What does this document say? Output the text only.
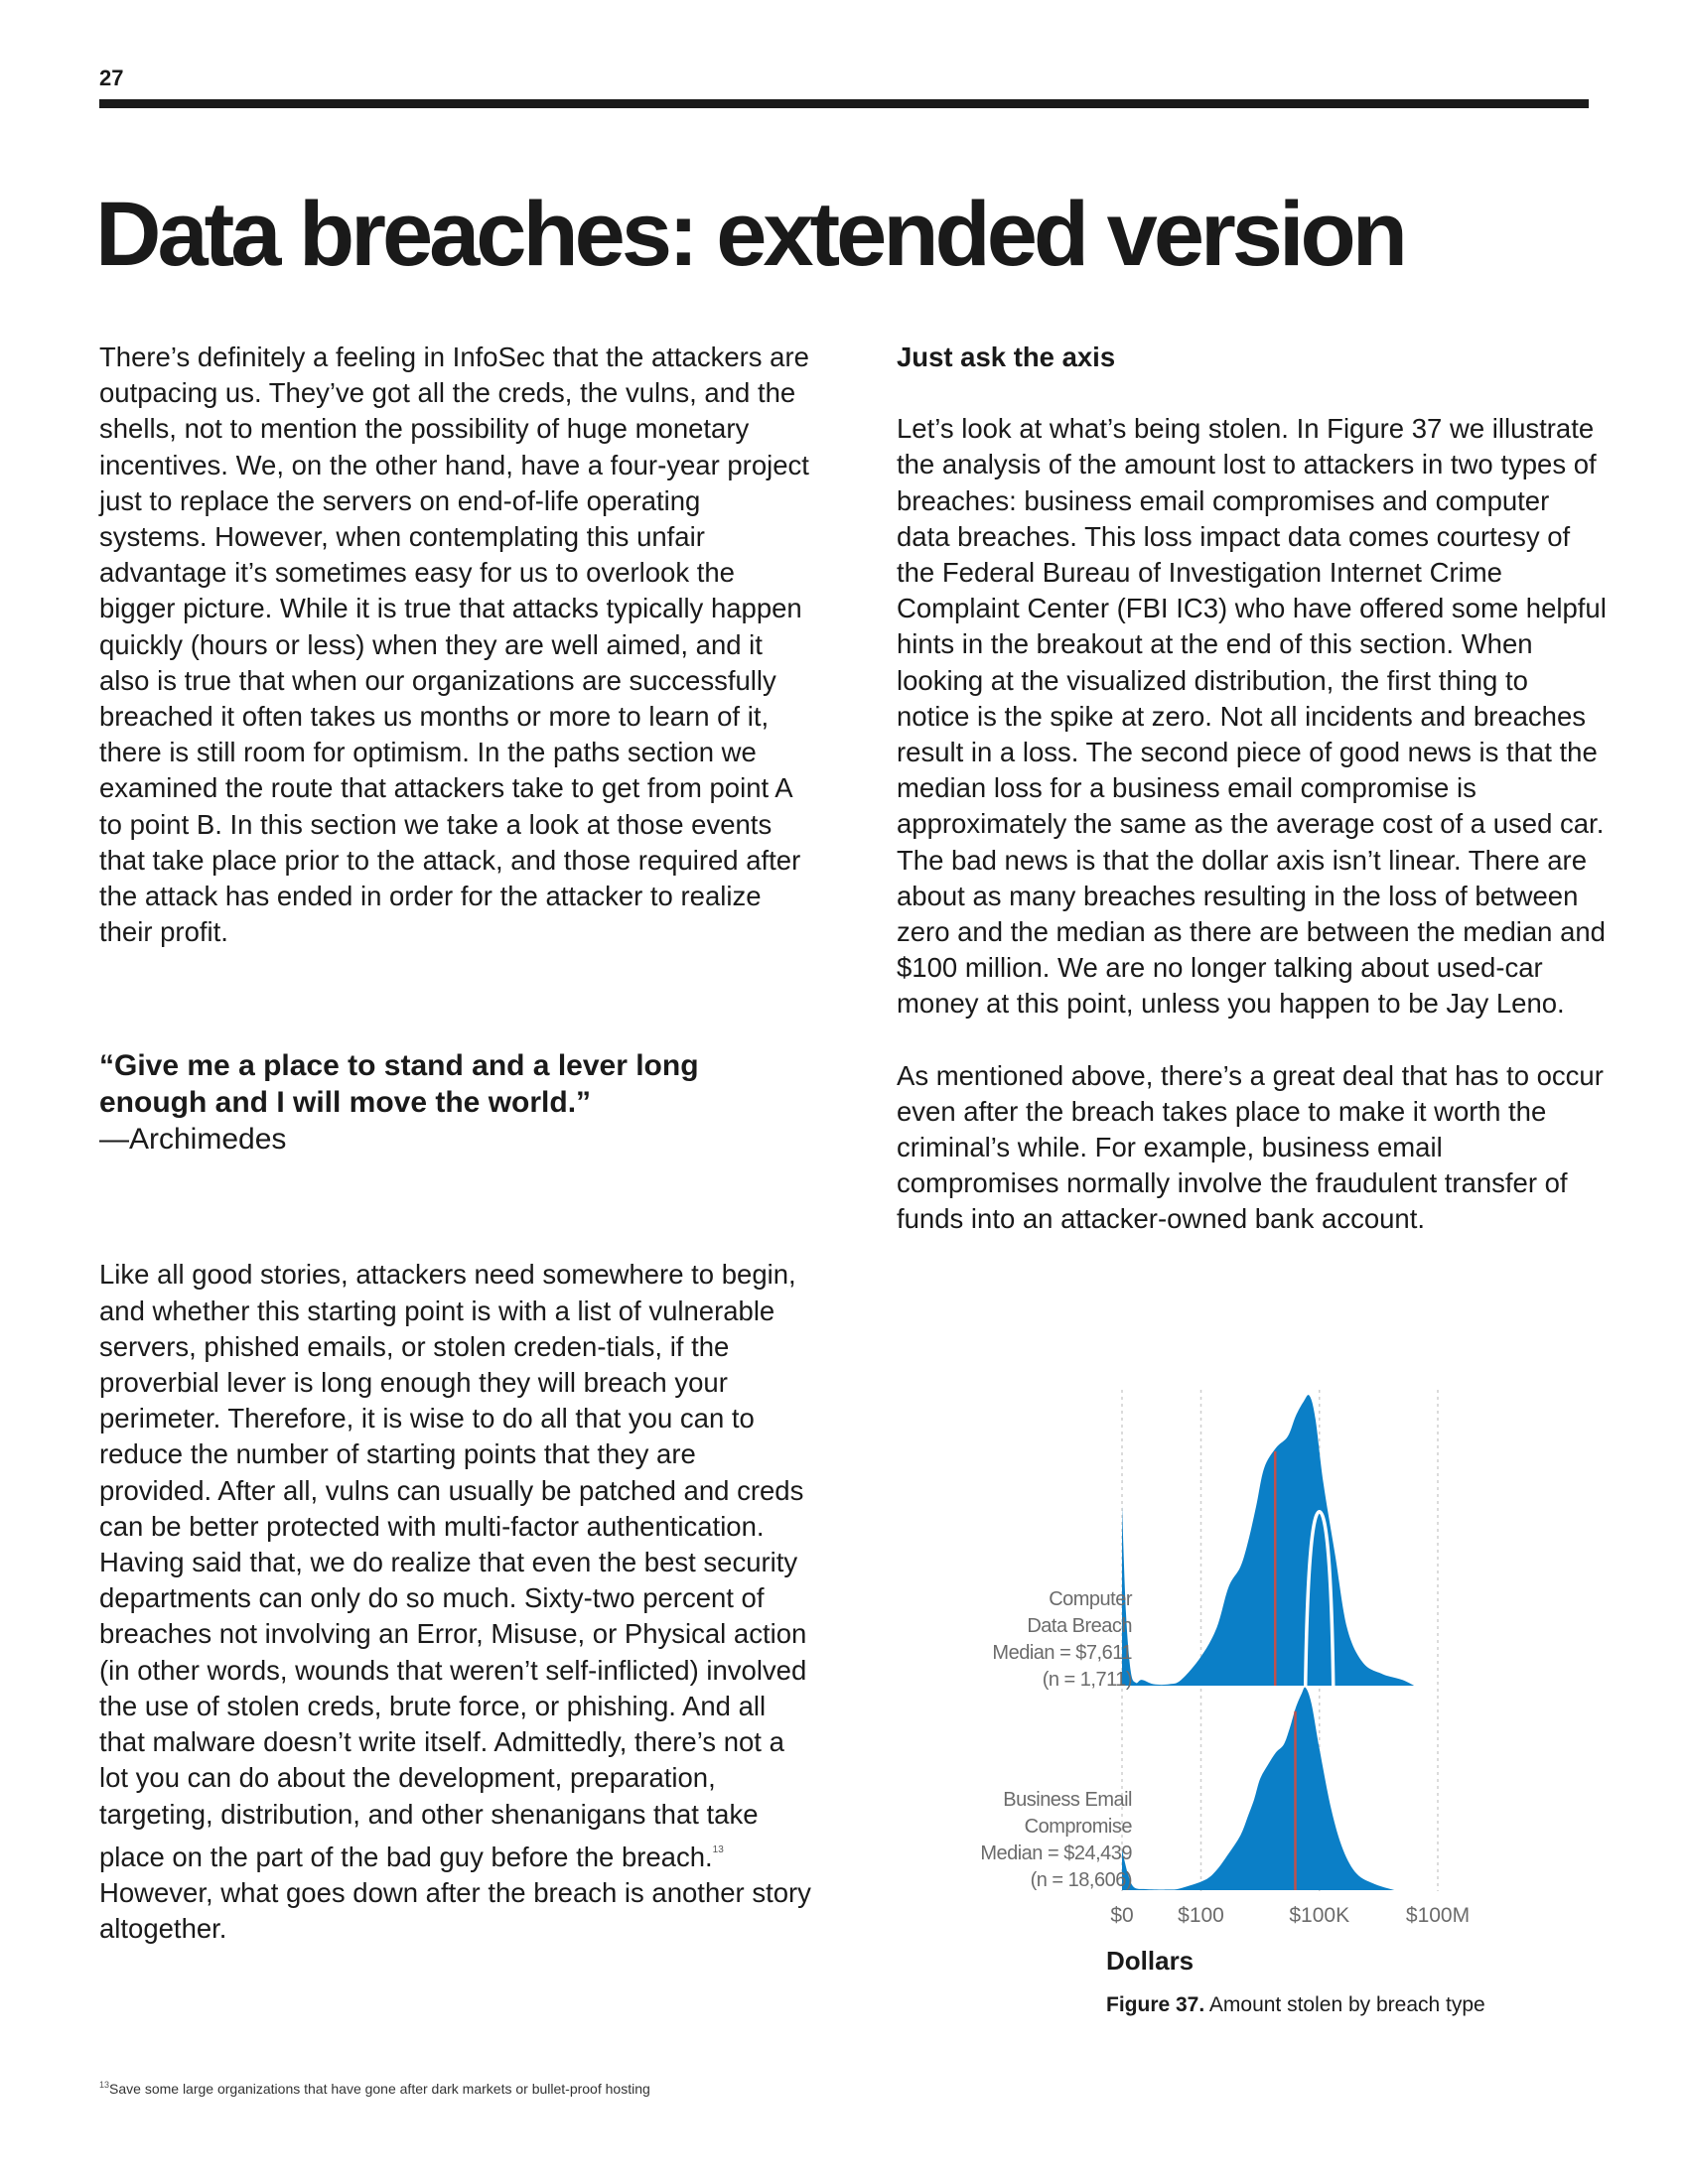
27
Data breaches: extended version

There’s definitely a feeling in InfoSec that the attackers are outpacing us. They’ve got all the creds, the vulns, and the shells, not to mention the possibility of huge monetary incentives. We, on the other hand, have a four-year project just to replace the servers on end-of-life operating systems. However, when contemplating this unfair advantage it’s sometimes easy for us to overlook the bigger picture. While it is true that attacks typically happen quickly (hours or less) when they are well aimed, and it also is true that when our organizations are successfully breached it often takes us months or more to learn of it, there is still room for optimism. In the paths section we examined the route that attackers take to get from point A to point B. In this section we take a look at those events that take place prior to the attack, and those required after the attack has ended in order for the attacker to realize their profit.

“Give me a place to stand and a lever long enough and I will move the world.”

—Archimedes

Like all good stories, attackers need somewhere to begin, and whether this starting point is with a list of vulnerable servers, phished emails, or stolen creden-tials, if the proverbial lever is long enough they will breach your perimeter. Therefore, it is wise to do all that you can to reduce the number of starting points that they are provided. After all, vulns can usually be patched and creds can be better protected with multi-factor authentication. Having said that, we do realize that even the best security departments can only do so much. Sixty-two percent of breaches not involving an Error, Misuse, or Physical action (in other words, wounds that weren’t self-inflicted) involved the use of stolen creds, brute force, or phishing. And all that malware doesn’t write itself. Admittedly, there’s not a lot you can do about the development, preparation, targeting, distribution, and other shenanigans that take place on the part of the bad guy before the breach.$^{13}$ However, what goes down after the breach is another story altogether.

Just ask the axis

Let’s look at what’s being stolen. In Figure 37 we illustrate the analysis of the amount lost to attackers in two types of breaches: business email compromises and computer data breaches. This loss impact data comes courtesy of the Federal Bureau of Investigation Internet Crime Complaint Center (FBI IC3) who have offered some helpful hints in the breakout at the end of this section. When looking at the visualized distribution, the first thing to notice is the spike at zero. Not all incidents and breaches result in a loss. The second piece of good news is that the median loss for a business email compromise is approximately the same as the average cost of a used car. The bad news is that the dollar axis isn’t linear. There are about as many breaches resulting in the loss of between zero and the median as there are between the median and $100 million. We are no longer talking about used-car money at this point, unless you happen to be Jay Leno.

As mentioned above, there’s a great deal that has to occur even after the breach takes place to make it worth the criminal’s while. For example, business email compromises normally involve the fraudulent transfer of funds into an attacker-owned bank account.

Computer
Data Breach
Median = $7,611
(n = 1,711)
Business Email
Compromise
Median = $24,439
(n = 18,606)
$0 $100	$100K	$100M
Dollars
Figure 37. Amount stolen by breach type
$^{13}$Save some large organizations that have gone after dark markets or bullet-proof hosting
